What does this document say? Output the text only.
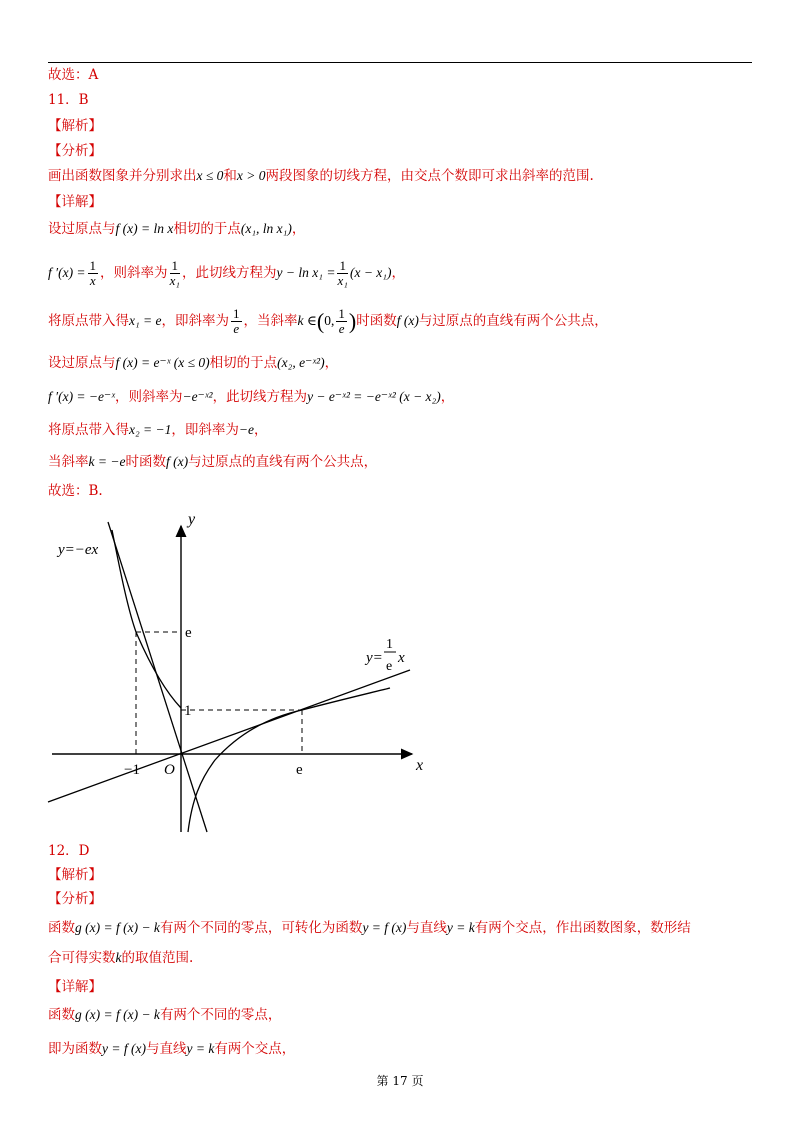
故选：A
11．B
【解析】
【分析】
画出函数图象并分别求出x ≤ 0和x > 0两段图象的切线方程，由交点个数即可求出斜率的范围.
【详解】
设过原点与f (x) = ln x相切的于点(x₁, ln x₁)，
f $'(x) = \frac{1}{x}$ ，则斜率为 $\frac{1}{\text{x₁}}$ ，此切线方程为$y - \ln x_1 = \frac{1}{\text{x₁}} (x - x_1)$，
将原点带入得x₁ = e，即斜率为 $\frac{1}{e}$ ，当斜率k ∈(0, $\frac{1}{e}$ )时函数f (x)与过原点的直线有两个公共点，
设过原点与f (x) = e⁻ˣ (x ≤ 0)相切的于点(x₂, e⁻ˣ²)，
f ′(x) = −e⁻ˣ，则斜率为−e⁻ˣ²，此切线方程为y − e⁻ˣ² = −e⁻ˣ² (x − x₂)，
将原点带入得x₂ = −1，即斜率为−e，
当斜率k = −e时函数f (x)与过原点的直线有两个公共点，
故选：B.
y
x
O
y=−ex
y=
1
e
x
e
1
−1	e
12．D
【解析】
【分析】
函数g (x) = f (x) − k有两个不同的零点，可转化为函数y = f (x)与直线y = k有两个交点，作出函数图象，数形结
合可得实数k的取值范围.
【详解】
函数g (x) = f (x) − k有两个不同的零点，
即为函数y = f (x)与直线y = k有两个交点，
第 17 页
